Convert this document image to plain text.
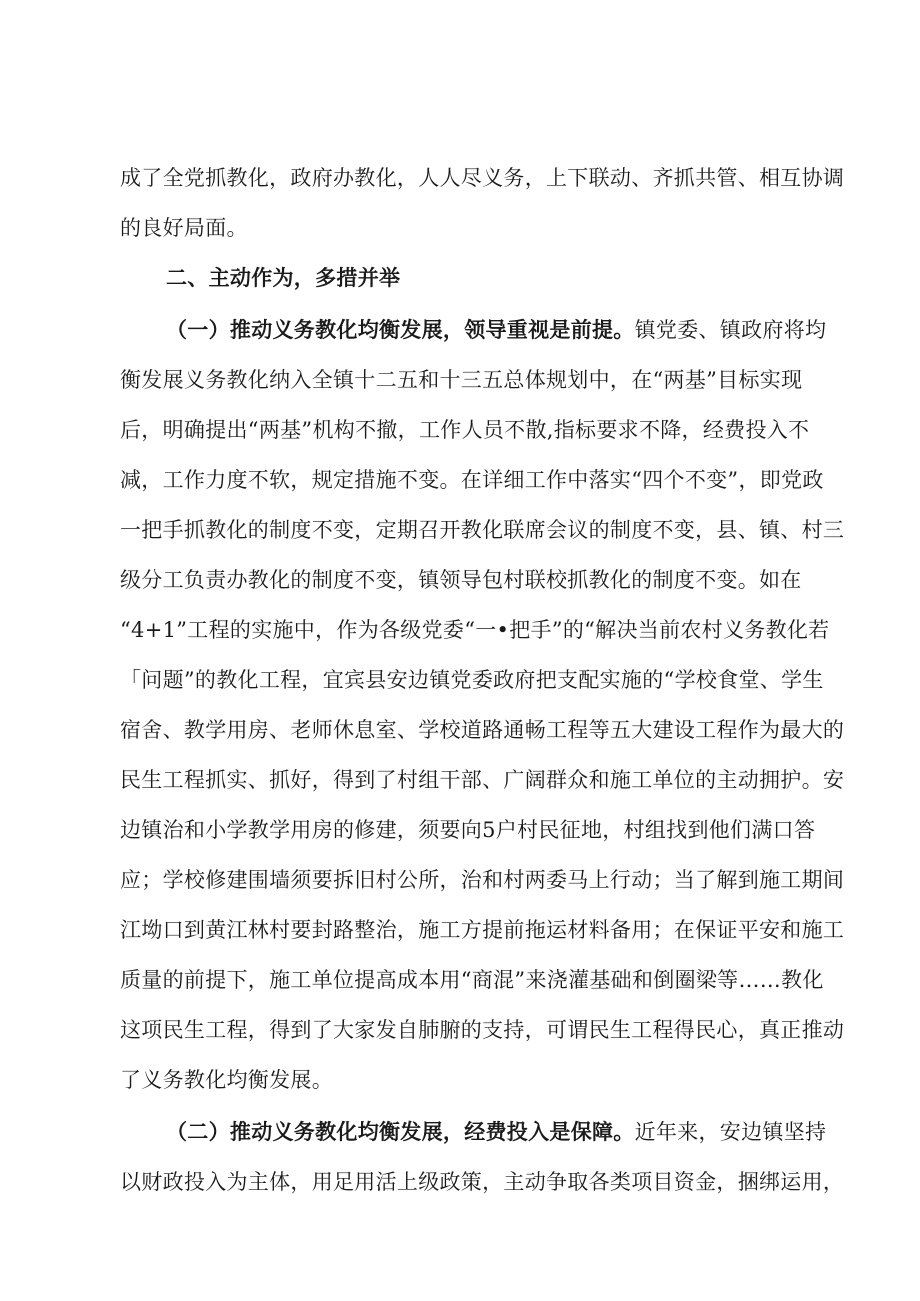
成了全党抓教化，政府办教化，人人尽义务，上下联动、齐抓共管、相互协调
的良好局面。
二、主动作为，多措并举
（一）推动义务教化均衡发展，领导重视是前提。镇党委、镇政府将均
衡发展义务教化纳入全镇十二五和十三五总体规划中，在“两基”目标实现
后，明确提出“两基”机构不撤，工作人员不散,指标要求不降，经费投入不
减，工作力度不软，规定措施不变。在详细工作中落实“四个不变”，即党政
一把手抓教化的制度不变，定期召开教化联席会议的制度不变，县、镇、村三
级分工负责办教化的制度不变，镇领导包村联校抓教化的制度不变。如在
“4+1”工程的实施中，作为各级党委“一•把手”的“解决当前农村义务教化若
「问题”的教化工程，宜宾县安边镇党委政府把支配实施的“学校食堂、学生
宿舍、教学用房、老师休息室、学校道路通畅工程等五大建设工程作为最大的
民生工程抓实、抓好，得到了村组干部、广阔群众和施工单位的主动拥护。安
边镇治和小学教学用房的修建，须要向5户村民征地，村组找到他们满口答
应；学校修建围墙须要拆旧村公所，治和村两委马上行动；当了解到施工期间
江坳口到黄江林村要封路整治，施工方提前拖运材料备用；在保证平安和施工
质量的前提下，施工单位提高成本用“商混”来浇灌基础和倒圈梁等……教化
这项民生工程，得到了大家发自肺腑的支持，可谓民生工程得民心，真正推动
了义务教化均衡发展。
（二）推动义务教化均衡发展，经费投入是保障。近年来，安边镇坚持
以财政投入为主体，用足用活上级政策，主动争取各类项目资金，捆绑运用，
